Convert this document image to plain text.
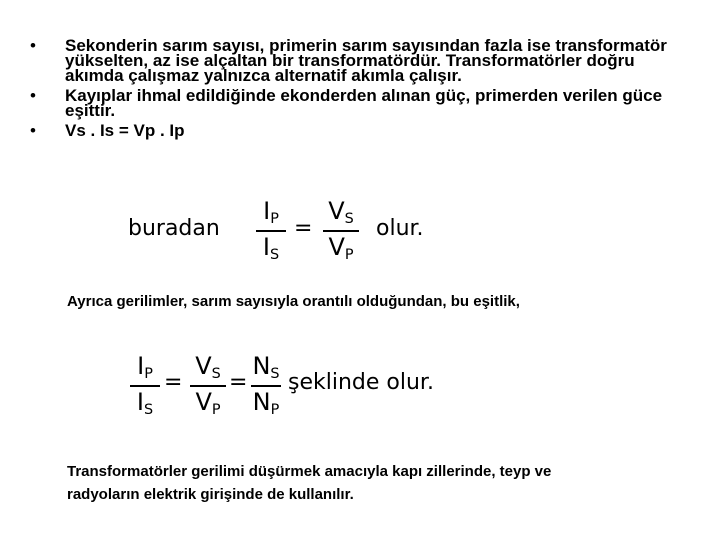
• Sekonderin sarım sayısı, primerin sarım sayısından fazla ise transformatör yükselten, az ise alçaltan bir transformatördür. Transformatörler doğru akımda çalışmaz yalnızca alternatif akımla çalışır.
• Kayıplar ihmal edildiğinde ekonderden alınan güç, primerden verilen güce eşittir.
• Vs . Is = Vp . Ip
buradan
IP
IS
=
VS
VP
olur.
Ayrıca gerilimler, sarım sayısıyla orantılı olduğundan, bu eşitlik,
IP
IS
=
VS
VP
=
NS
NP
şeklinde olur.
Transformatörler gerilimi düşürmek amacıyla kapı zillerinde, teyp ve radyoların elektrik girişinde de kullanılır.
